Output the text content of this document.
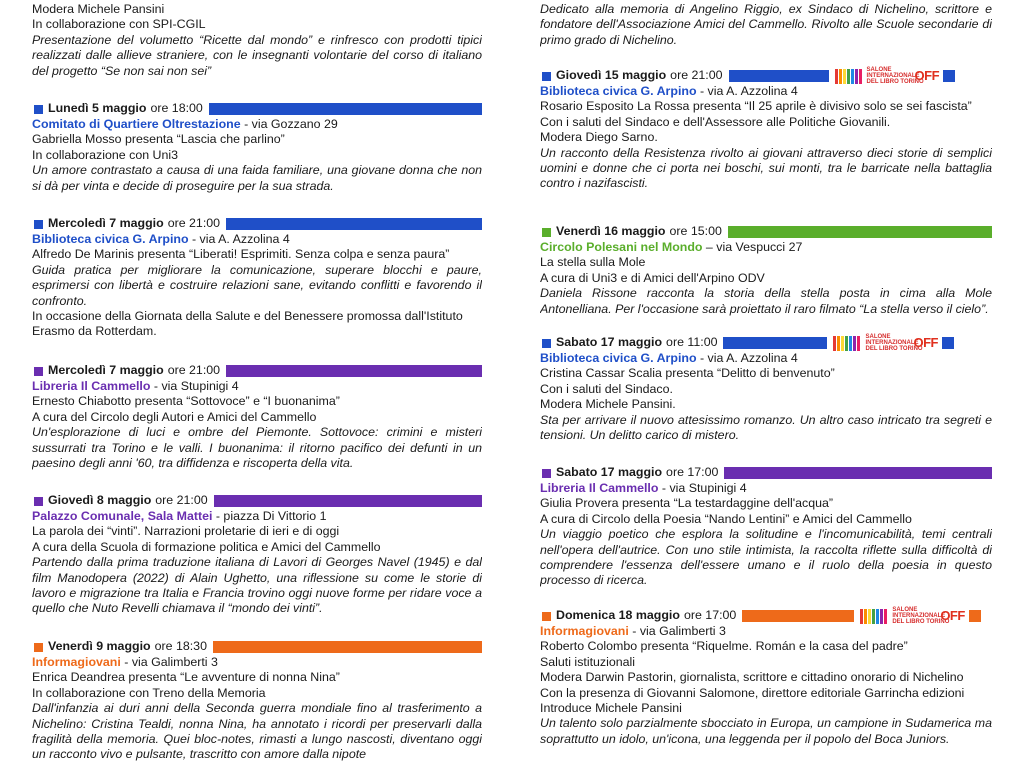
Modera Michele Pansini

In collaborazione con SPI-CGIL

Presentazione del volumetto “Ricette dal mondo” e rinfresco con prodotti tipici realizzati dalle allieve straniere, con le insegnanti volontarie del corso di italiano del progetto “Se non sai non sei”

Lunedì 5 maggio ore 18:00

Comitato di Quartiere Oltrestazione - via Gozzano 29

Gabriella Mosso presenta “Lascia che parlino”

In collaborazione con Uni3

Un amore contrastato a causa di una faida familiare, una giovane donna che non si dà per vinta e decide di proseguire per la sua strada.

Mercoledì 7 maggio ore 21:00

Biblioteca civica G. Arpino - via A. Azzolina 4

Alfredo De Marinis presenta “Liberati! Esprimiti. Senza colpa e senza paura”

Guida pratica per migliorare la comunicazione, superare blocchi e paure, esprimersi con libertà e costruire relazioni sane, evitando conflitti e favorendo il confronto.

In occasione della Giornata della Salute e del Benessere promossa dall'Istituto Erasmo da Rotterdam.

Mercoledì 7 maggio ore 21:00

Libreria Il Cammello - via Stupinigi 4

Ernesto Chiabotto presenta “Sottovoce” e “I buonanima”

A cura del Circolo degli Autori e Amici del Cammello

Un'esplorazione di luci e ombre del Piemonte. Sottovoce: crimini e misteri sussurrati tra Torino e le valli. I buonanima: il ritorno pacifico dei defunti in un paesino degli anni '60, tra diffidenza e riscoperta della vita.

Giovedì 8 maggio ore 21:00

Palazzo Comunale, Sala Mattei - piazza Di Vittorio 1

La parola dei “vinti”. Narrazioni proletarie di ieri e di oggi

A cura della Scuola di formazione politica e Amici del Cammello

Partendo dalla prima traduzione italiana di Lavori di Georges Navel (1945) e dal film Manodopera (2022) di Alain Ughetto, una riflessione su come le storie di lavoro e migrazione tra Italia e Francia trovino oggi nuove forme per ridare voce a quello che Nuto Revelli chiamava il “mondo dei vinti”.

Venerdì 9 maggio ore 18:30

Informagiovani - via Galimberti 3

Enrica Deandrea presenta “Le avventure di nonna Nina”

In collaborazione con Treno della Memoria

Dall'infanzia ai duri anni della Seconda guerra mondiale fino al trasferimento a Nichelino: Cristina Tealdi, nonna Nina, ha annotato i ricordi per preservarli dalla fragilità della memoria. Quei bloc-notes, rimasti a lungo nascosti, diventano oggi un racconto vivo e pulsante, trascritto con amore dalla nipote

Dedicato alla memoria di Angelino Riggio, ex Sindaco di Nichelino, scrittore e fondatore dell'Associazione Amici del Cammello. Rivolto alle Scuole secondarie di primo grado di Nichelino.

Giovedì 15 maggio ore 21:00	SALONE
INTERNAZIONALE
DEL LIBRO TORINO
OFF

Biblioteca civica G. Arpino - via A. Azzolina 4

Rosario Esposito La Rossa presenta “Il 25 aprile è divisivo solo se sei fascista”

Con i saluti del Sindaco e dell'Assessore alle Politiche Giovanili.

Modera Diego Sarno.

Un racconto della Resistenza rivolto ai giovani attraverso dieci storie di semplici uomini e donne che ci porta nei boschi, sui monti, tra le barricate nella battaglia contro i nazifascisti.

Venerdì 16 maggio ore 15:00

Circolo Polesani nel Mondo – via Vespucci 27

La stella sulla Mole

A cura di Uni3 e di Amici dell'Arpino ODV

Daniela Rissone racconta la storia della stella posta in cima alla Mole Antonelliana. Per l'occasione sarà proiettato il raro filmato “La stella verso il cielo”.

Sabato 17 maggio ore 11:00	SALONE
INTERNAZIONALE
DEL LIBRO TORINO
OFF

Biblioteca civica G. Arpino - via A. Azzolina 4

Cristina Cassar Scalia presenta “Delitto di benvenuto”

Con i saluti del Sindaco.

Modera Michele Pansini.

Sta per arrivare il nuovo attesissimo romanzo. Un altro caso intricato tra segreti e tensioni. Un delitto carico di mistero.

Sabato 17 maggio ore 17:00

Libreria Il Cammello - via Stupinigi 4

Giulia Provera presenta “La testardaggine dell'acqua”

A cura di Circolo della Poesia “Nando Lentini” e Amici del Cammello

Un viaggio poetico che esplora la solitudine e l'incomunicabilità, temi centrali nell'opera dell'autrice. Con uno stile intimista, la raccolta riflette sulla difficoltà di comprendere l'essenza dell'essere umano e il ruolo della poesia in questo processo di ricerca.

Domenica 18 maggio ore 17:00	SALONE
INTERNAZIONALE
DEL LIBRO TORINO
OFF

Informagiovani - via Galimberti 3

Roberto Colombo presenta “Riquelme. Román e la casa del padre”

Saluti istituzionali

Modera Darwin Pastorin, giornalista, scrittore e cittadino onorario di Nichelino

Con la presenza di Giovanni Salomone, direttore editoriale Garrincha edizioni

Introduce Michele Pansini

Un talento solo parzialmente sbocciato in Europa, un campione in Sudamerica ma soprattutto un idolo, un'icona, una leggenda per il popolo del Boca Juniors.
